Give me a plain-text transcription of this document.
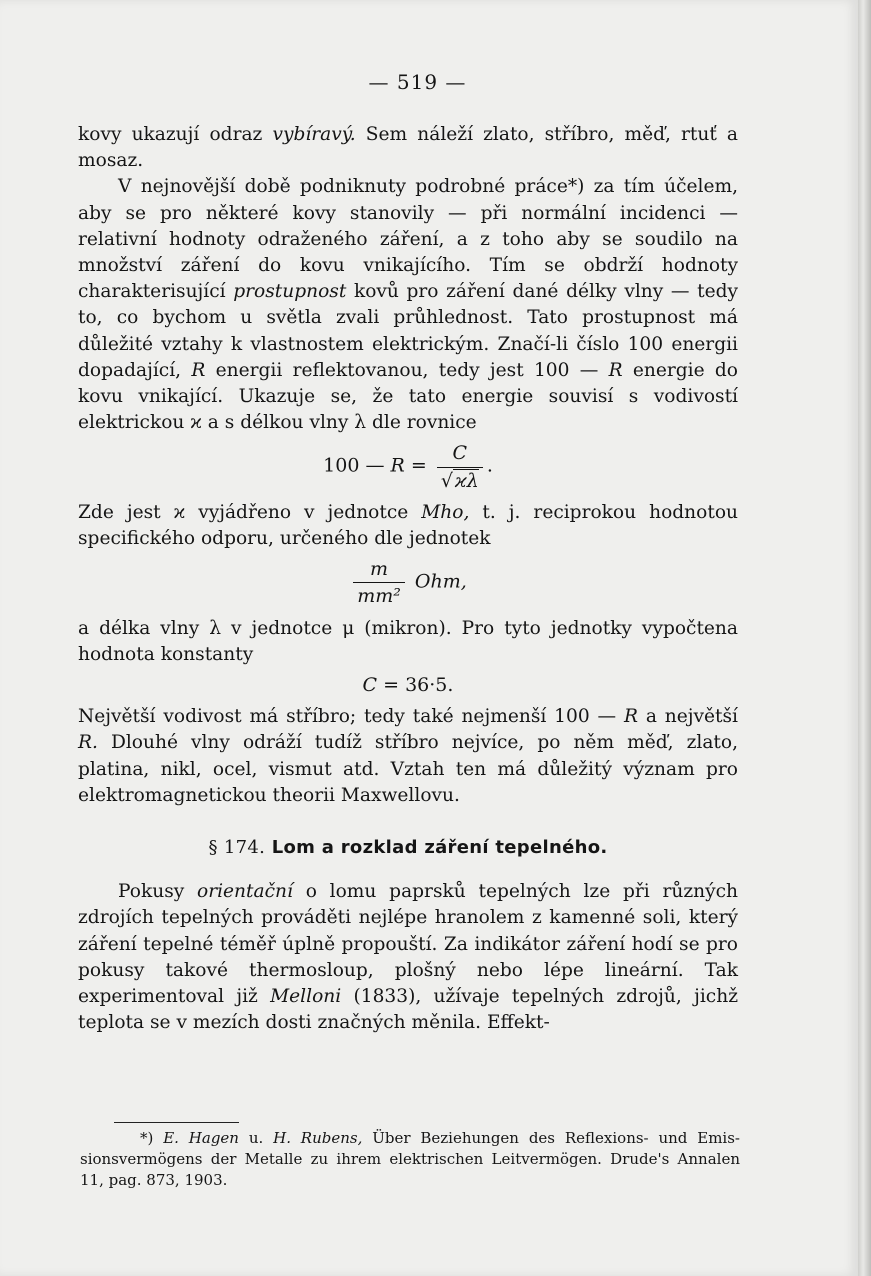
— 519 —

kovy ukazují odraz vybíravý. Sem náleží zlato, stříbro, měď, rtuť a mosaz.

V nejnovější době podniknuty podrobné práce*) za tím účelem, aby se pro některé kovy stanovily — při normální incidenci — relativní hodnoty odraženého záření, a z toho aby se soudilo na množství záření do kovu vnikajícího. Tím se obdrží hodnoty charakterisující prostupnost kovů pro záření dané délky vlny — tedy to, co bychom u světla zvali průhlednost. Tato prostupnost má důležité vztahy k vlastnostem elektrickým. Značí-li číslo 100 energii dopadající, R energii reflektovanou, tedy jest 100 — R energie do kovu vnikající. Ukazuje se, že tato energie souvisí s vodivostí elektrickou ϰ a s délkou vlny λ dle rovnice

100 — $R = \frac{C}{√ ϰ\lambda}$ .

Zde jest ϰ vyjádřeno v jednotce Mho, t. j. reciprokou hodnotou specifického odporu, určeného dle jednotek

$\frac{m}{\text{mm²}}$ Ohm,

a délka vlny λ v jednotce μ (mikron). Pro tyto jednotky vypočtena hodnota konstanty

C = 36·5.

Největší vodivost má stříbro; tedy také nejmenší 100 — R a největší R. Dlouhé vlny odráží tudíž stříbro nejvíce, po něm měď, zlato, platina, nikl, ocel, vismut atd. Vztah ten má důležitý význam pro elektromagnetickou theorii Maxwellovu.

§ 174. Lom a rozklad záření tepelného.

Pokusy orientační o lomu paprsků tepelných lze při různých zdrojích tepelných prováděti nejlépe hranolem z kamenné soli, který záření tepelné téměř úplně propouští. Za indikátor záření hodí se pro pokusy takové thermosloup, plošný nebo lépe lineární. Tak experimentoval již Melloni (1833), užívaje tepelných zdrojů, jichž teplota se v mezích dosti značných měnila. Effekt-

*) E. Hagen u. H. Rubens, Über Beziehungen des Reflexions- und Emissionsvermögens der Metalle zu ihrem elektrischen Leitvermögen. Drude's Annalen 11, pag. 873, 1903.
